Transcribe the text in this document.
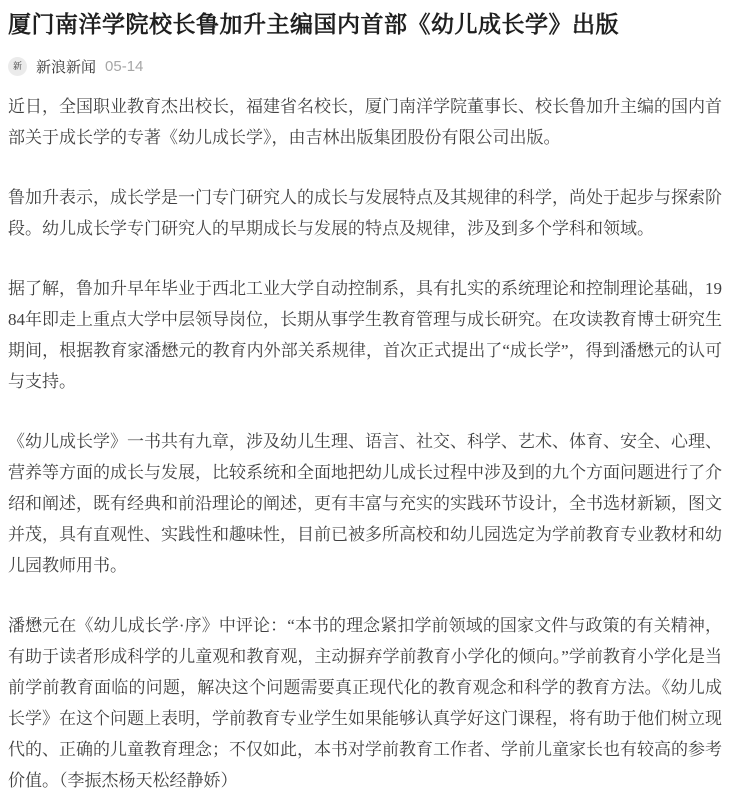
厦门南洋学院校长鲁加升主编国内首部《幼儿成长学》出版
新 新浪新闻 05-14

近日，全国职业教育杰出校长，福建省名校长，厦门南洋学院董事长、校长鲁加升主编的国内首部关于成长学的专著《幼儿成长学》，由吉林出版集团股份有限公司出版。

鲁加升表示，成长学是一门专门研究人的成长与发展特点及其规律的科学，尚处于起步与探索阶段。幼儿成长学专门研究人的早期成长与发展的特点及规律，涉及到多个学科和领域。

据了解，鲁加升早年毕业于西北工业大学自动控制系，具有扎实的系统理论和控制理论基础，1984年即走上重点大学中层领导岗位，长期从事学生教育管理与成长研究。在攻读教育博士研究生期间，根据教育家潘懋元的教育内外部关系规律，首次正式提出了“成长学”，得到潘懋元的认可与支持。

《幼儿成长学》一书共有九章，涉及幼儿生理、语言、社交、科学、艺术、体育、安全、心理、营养等方面的成长与发展，比较系统和全面地把幼儿成长过程中涉及到的九个方面问题进行了介绍和阐述，既有经典和前沿理论的阐述，更有丰富与充实的实践环节设计，全书选材新颖，图文并茂，具有直观性、实践性和趣味性，目前已被多所高校和幼儿园选定为学前教育专业教材和幼儿园教师用书。

潘懋元在《幼儿成长学·序》中评论：“本书的理念紧扣学前领域的国家文件与政策的有关精神，有助于读者形成科学的儿童观和教育观，主动摒弃学前教育小学化的倾向。”学前教育小学化是当前学前教育面临的问题，解决这个问题需要真正现代化的教育观念和科学的教育方法。《幼儿成长学》在这个问题上表明，学前教育专业学生如果能够认真学好这门课程，将有助于他们树立现代的、正确的儿童教育理念；不仅如此，本书对学前教育工作者、学前儿童家长也有较高的参考价值。（李振杰杨天松经静娇）
